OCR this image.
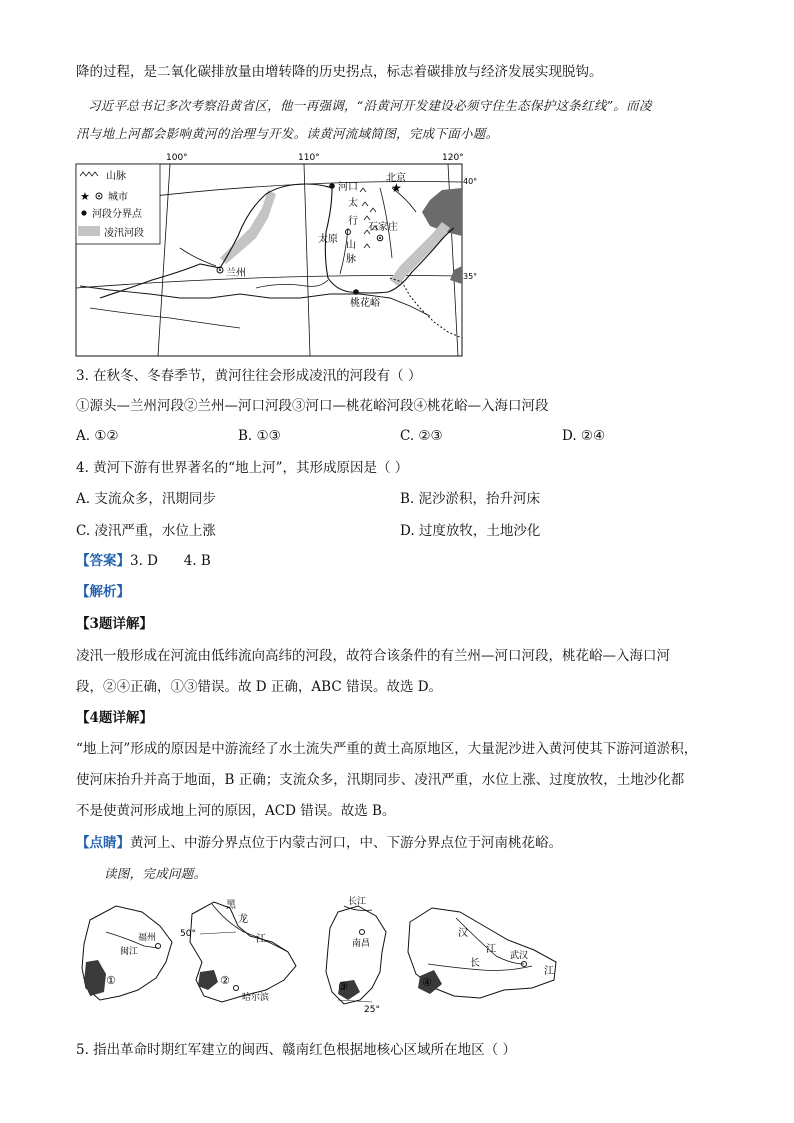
降的过程，是二氧化碳排放量由增转降的历史拐点，标志着碳排放与经济发展实现脱钩。
习近平总书记多次考察沿黄省区，他一再强调，“沿黄河开发建设必须守住生态保护这条红线”。而凌
汛与地上河都会影响黄河的治理与开发。读黄河流域简图，完成下面小题。
100°	110°	120°
40°
35°
山脉
★ 城市
河段分界点
凌汛河段
河口
北京
★
太
行
太原
山
脉
石家庄
兰州
桃花峪
3. 在秋冬、冬春季节，黄河往往会形成凌汛的河段有（ ）
①源头—兰州河段②兰州—河口河段③河口—桃花峪河段④桃花峪—入海口河段
A. ①②	B. ①③	C. ②③	D. ②④
4. 黄河下游有世界著名的“地上河”，其形成原因是（ ）
A. 支流众多，汛期同步	B. 泥沙淤积，抬升河床
C. 凌汛严重，水位上涨	D. 过度放牧，土地沙化
【答案】3. D      4. B
【解析】
【3题详解】
凌汛一般形成在河流由低纬流向高纬的河段，故符合该条件的有兰州—河口河段，桃花峪—入海口河
段，②④正确，①③错误。故 D 正确，ABC 错误。故选 D。
【4题详解】
“地上河”形成的原因是中游流经了水土流失严重的黄土高原地区，大量泥沙进入黄河使其下游河道淤积，
使河床抬升并高于地面，B 正确；支流众多，汛期同步、凌汛严重，水位上涨、过度放牧，土地沙化都
不是使黄河形成地上河的原因，ACD 错误。故选 B。
【点睛】黄河上、中游分界点位于内蒙古河口，中、下游分界点位于河南桃花峪。
读图，完成问题。
福州
闽江
①
黑
龙
江
50°
哈尔滨
②
长江
南昌
25°
③
汉
江
武汉
长
江
④
5. 指出革命时期红军建立的闽西、赣南红色根据地核心区域所在地区（ ）
